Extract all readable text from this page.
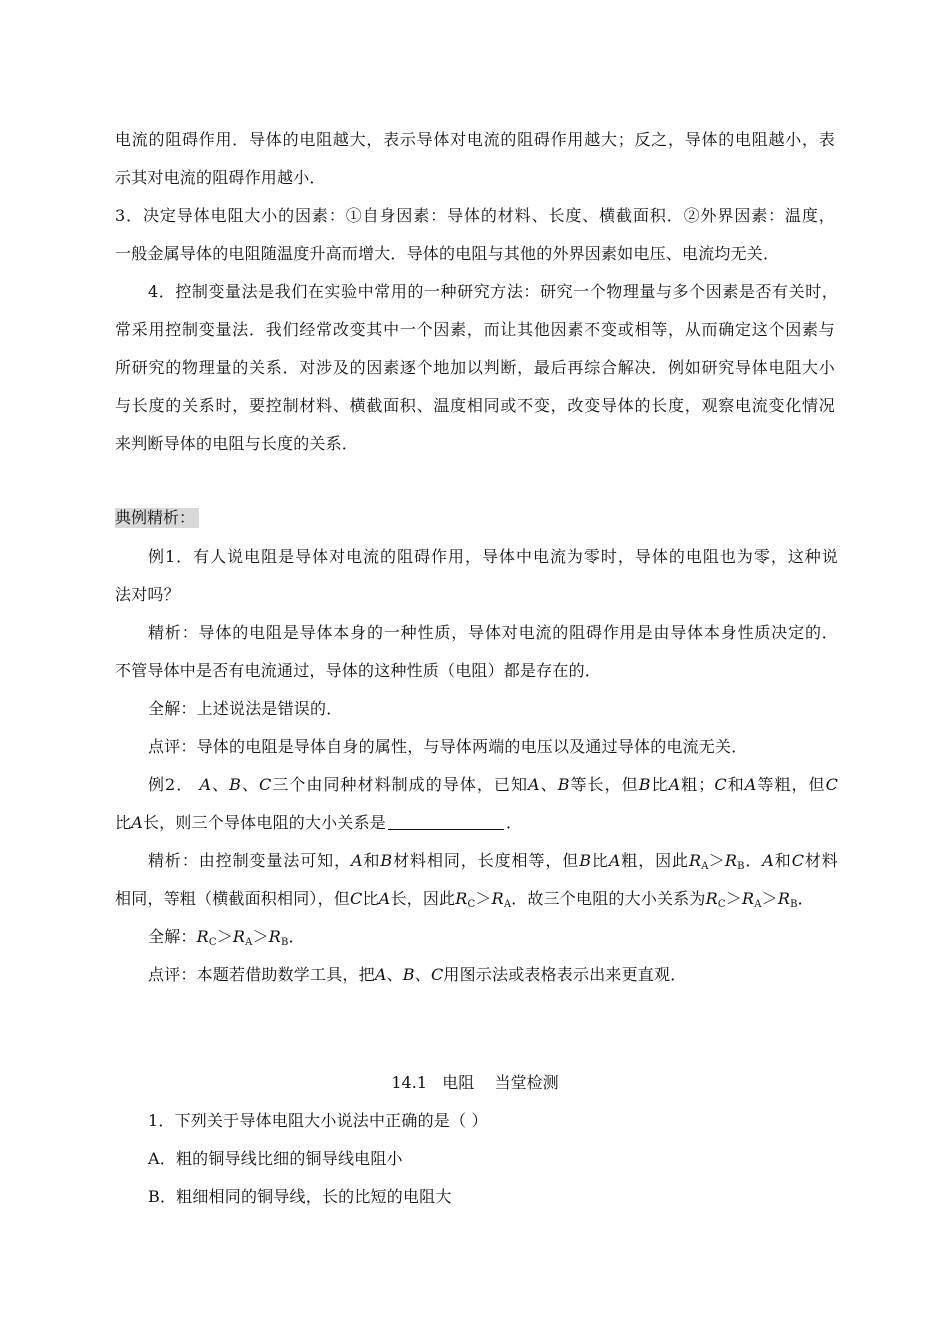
电流的阻碍作用．导体的电阻越大，表示导体对电流的阻碍作用越大；反之，导体的电阻越小，表
示其对电流的阻碍作用越小．
3．决定导体电阻大小的因素：①自身因素：导体的材料、长度、横截面积．②外界因素：温度，
一般金属导体的电阻随温度升高而增大．导体的电阻与其他的外界因素如电压、电流均无关．
4．控制变量法是我们在实验中常用的一种研究方法：研究一个物理量与多个因素是否有关时，
常采用控制变量法．我们经常改变其中一个因素，而让其他因素不变或相等，从而确定这个因素与
所研究的物理量的关系．对涉及的因素逐个地加以判断，最后再综合解决．例如研究导体电阻大小
与长度的关系时，要控制材料、横截面积、温度相同或不变，改变导体的长度，观察电流变化情况
来判断导体的电阻与长度的关系．
典例精析：
例1．有人说电阻是导体对电流的阻碍作用，导体中电流为零时，导体的电阻也为零，这种说
法对吗？
精析：导体的电阻是导体本身的一种性质，导体对电流的阻碍作用是由导体本身性质决定的．
不管导体中是否有电流通过，导体的这种性质（电阻）都是存在的．
全解：上述说法是错误的．
点评：导体的电阻是导体自身的属性，与导体两端的电压以及通过导体的电流无关．
例2． A、B、C三个由同种材料制成的导体，已知A、B等长，但B比A粗；C和A等粗，但C
比A长，则三个导体电阻的大小关系是	．
精析：由控制变量法可知，A和B材料相同，长度相等，但B比A粗，因此$R_A>R_B$．A和C材料
相同，等粗（横截面积相同），但C比A长，因此$R_C>R_A$．故三个电阻的大小关系为$R_C>R_A>R_B$．
全解：$R_C>R_A>R_B$．
点评：本题若借助数学工具，把A、B、C用图示法或表格表示出来更直观．
14.1   电阻    当堂检测
1．下列关于导体电阻大小说法中正确的是（ ）
A．粗的铜导线比细的铜导线电阻小
B．粗细相同的铜导线，长的比短的电阻大
